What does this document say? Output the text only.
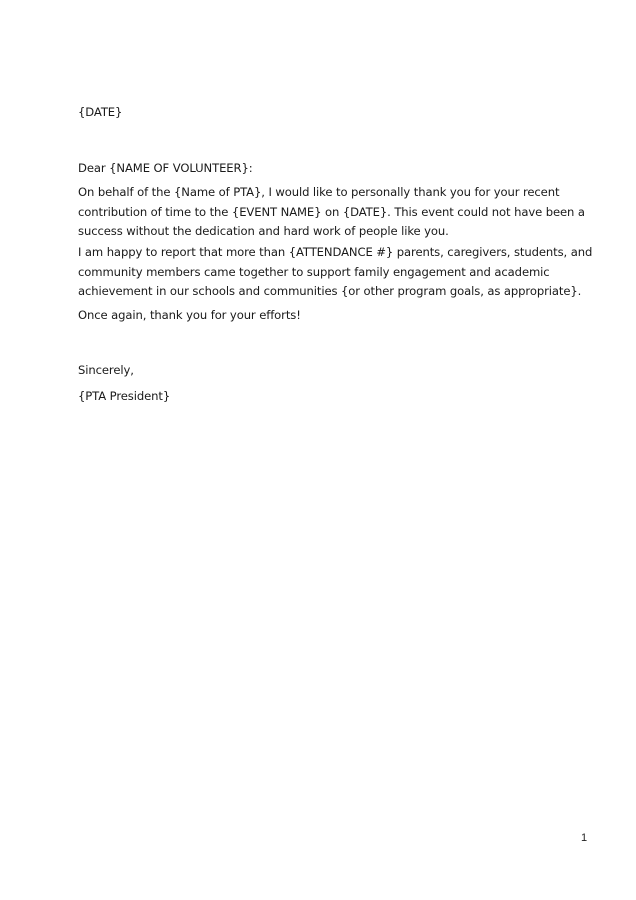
{DATE}
Dear {NAME OF VOLUNTEER}:
On behalf of the {Name of PTA}, I would like to personally thank you for your recent
contribution of time to the {EVENT NAME} on {DATE}. This event could not have been a
success without the dedication and hard work of people like you.
I am happy to report that more than {ATTENDANCE #} parents, caregivers, students, and
community members came together to support family engagement and academic
achievement in our schools and communities {or other program goals, as appropriate}.
Once again, thank you for your efforts!
Sincerely,
{PTA President}
1
